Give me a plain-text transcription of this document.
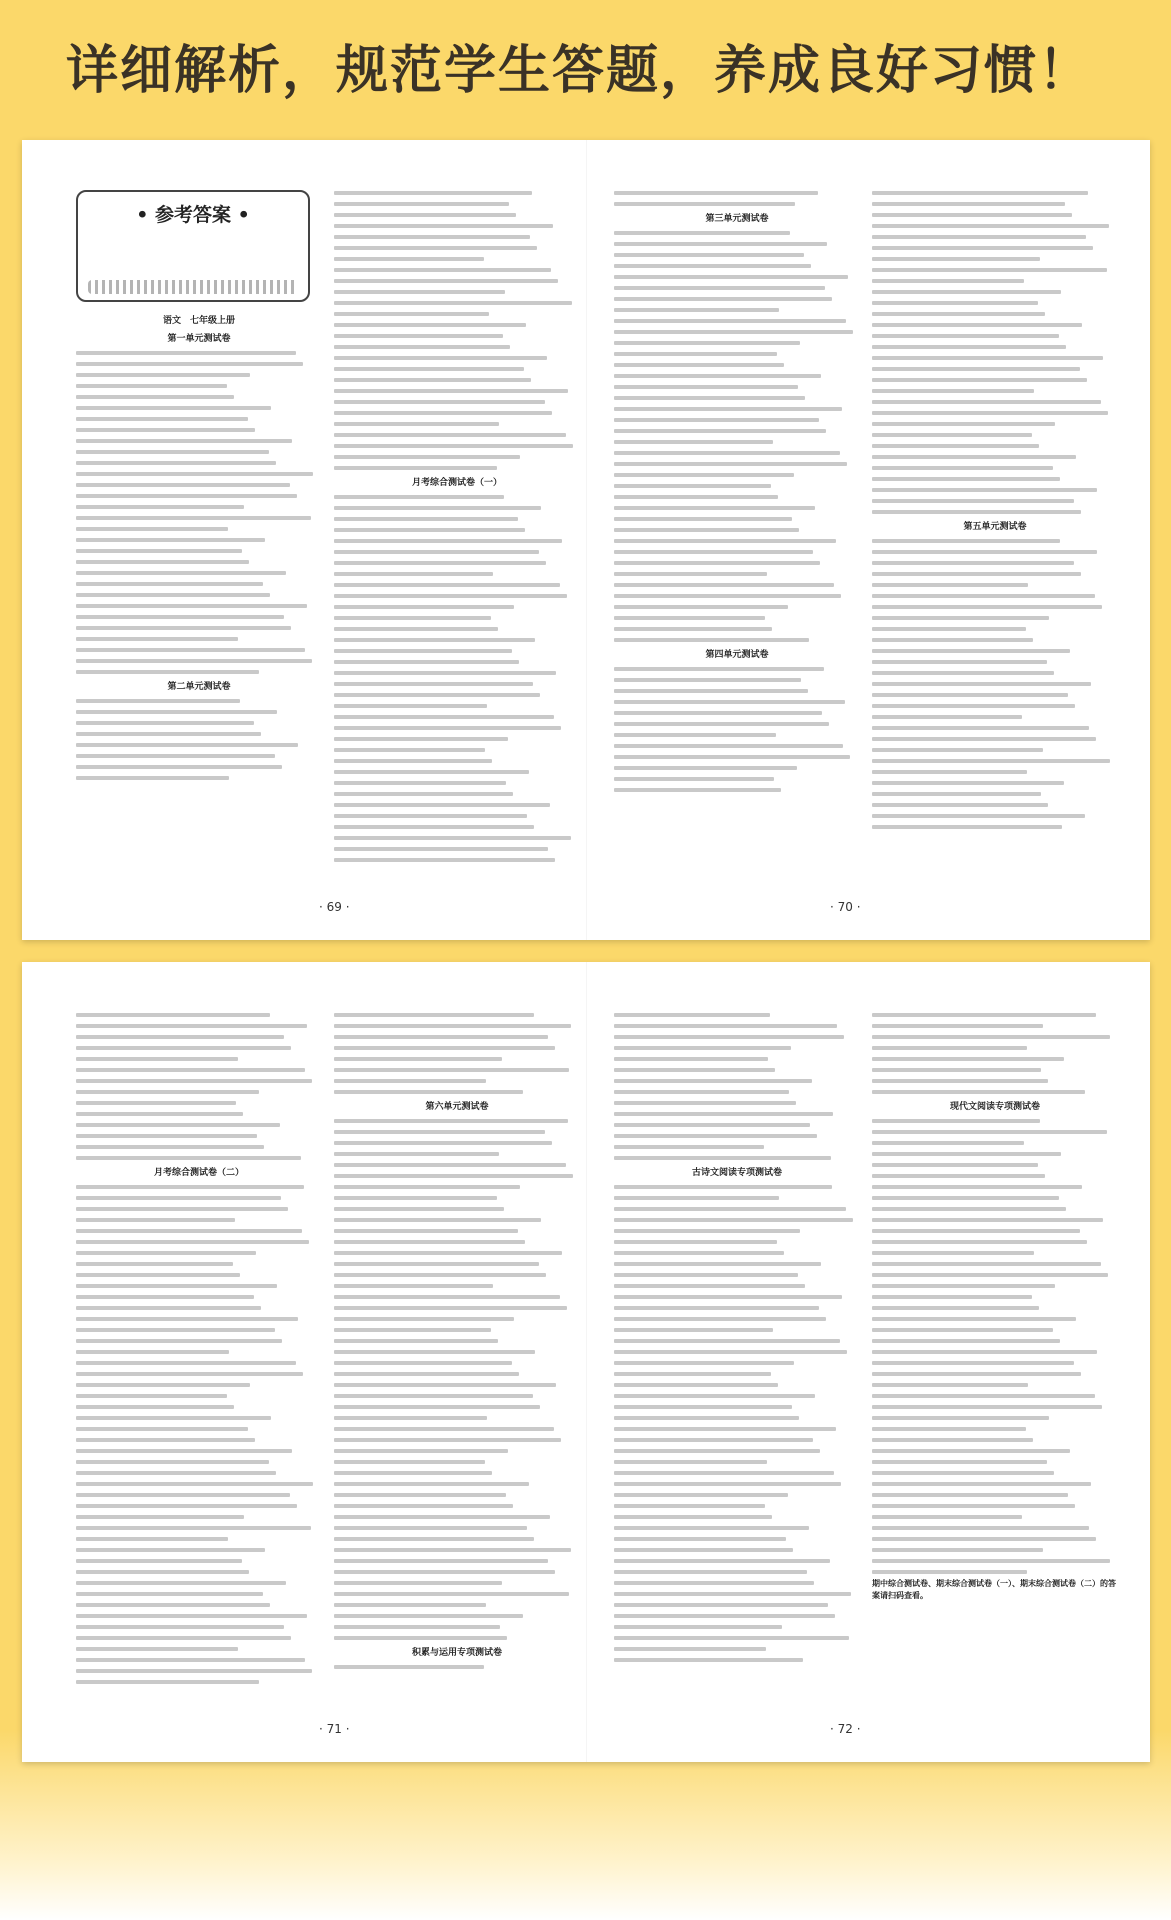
详细解析，规范学生答题，养成良好习惯！
• 参考答案 •
语文　七年级上册
第一单元测试卷
第二单元测试卷
月考综合测试卷（一）
第三单元测试卷
第四单元测试卷
第五单元测试卷
· 69 ·	· 70 ·
月考综合测试卷（二）
第六单元测试卷
积累与运用专项测试卷
古诗文阅读专项测试卷
现代文阅读专项测试卷
期中综合测试卷、期末综合测试卷（一）、期末综合测试卷（二）的答案请扫码查看。
· 71 ·	· 72 ·
